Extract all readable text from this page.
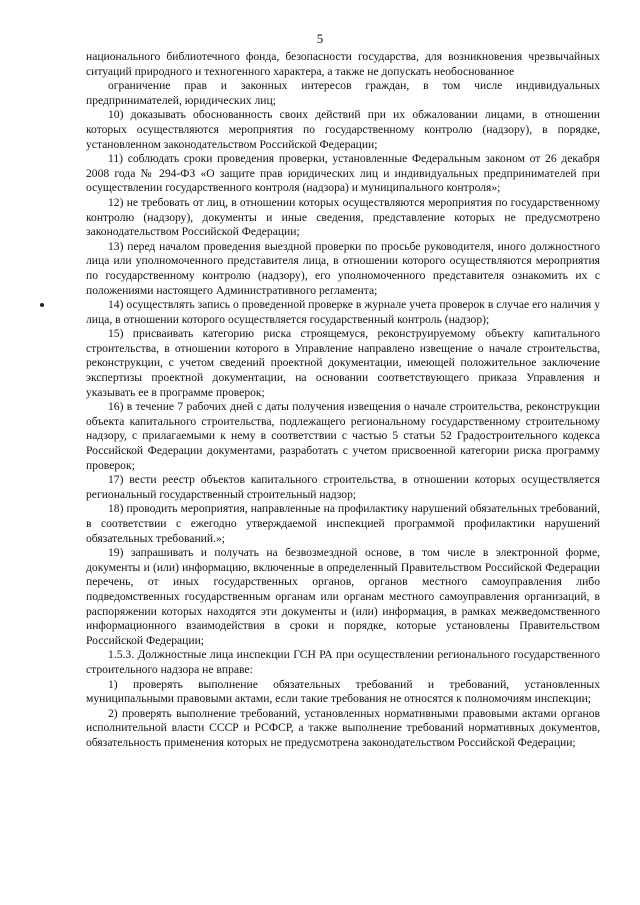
5

национального библиотечного фонда, безопасности государства, для возникновения чрезвычайных ситуаций природного и техногенного характера, а также не допускать необоснованное

ограничение прав и законных интересов граждан, в том числе индивидуальных предпринимателей, юридических лиц;

10) доказывать обоснованность своих действий при их обжаловании лицами, в отношении которых осуществляются мероприятия по государственному контролю (надзору), в порядке, установленном законодательством Российской Федерации;

11) соблюдать сроки проведения проверки, установленные Федеральным законом от 26 декабря 2008 года № 294-ФЗ «О защите прав юридических лиц и индивидуальных предпринимателей при осуществлении государственного контроля (надзора) и муниципального контроля»;

12) не требовать от лиц, в отношении которых осуществляются мероприятия по государственному контролю (надзору), документы и иные сведения, представление которых не предусмотрено законодательством Российской Федерации;

13) перед началом проведения выездной проверки по просьбе руководителя, иного должностного лица или уполномоченного представителя лица, в отношении которого осуществляются мероприятия по государственному контролю (надзору), его уполномоченного представителя ознакомить их с положениями настоящего Административного регламента;

14) осуществлять запись о проведенной проверке в журнале учета проверок в случае его наличия у лица, в отношении которого осуществляется государственный контроль (надзор);

15) присваивать категорию риска строящемуся, реконструируемому объекту капитального строительства, в отношении которого в Управление направлено извещение о начале строительства, реконструкции, с учетом сведений проектной документации, имеющей положительное заключение экспертизы проектной документации, на основании соответствующего приказа Управления и указывать ее в программе проверок;

16) в течение 7 рабочих дней с даты получения извещения о начале строительства, реконструкции объекта капитального строительства, подлежащего региональному государственному строительному надзору, с прилагаемыми к нему в соответствии с частью 5 статьи 52 Градостроительного кодекса Российской Федерации документами, разработать с учетом присвоенной категории риска программу проверок;

17) вести реестр объектов капитального строительства, в отношении которых осуществляется региональный государственный строительный надзор;

18) проводить мероприятия, направленные на профилактику нарушений обязательных требований, в соответствии с ежегодно утверждаемой инспекцией программой профилактики нарушений обязательных требований.»;

19) запрашивать и получать на безвозмездной основе, в том числе в электронной форме, документы и (или) информацию, включенные в определенный Правительством Российской Федерации перечень, от иных государственных органов, органов местного самоуправления либо подведомственных государственным органам или органам местного самоуправления организаций, в распоряжении которых находятся эти документы и (или) информация, в рамках межведомственного информационного взаимодействия в сроки и порядке, которые установлены Правительством Российской Федерации;

1.5.3. Должностные лица инспекции ГСН РА при осуществлении регионального государственного строительного надзора не вправе:

1) проверять выполнение обязательных требований и требований, установленных муниципальными правовыми актами, если такие требования не относятся к полномочиям инспекции;

2) проверять выполнение требований, установленных нормативными правовыми актами органов исполнительной власти СССР и РСФСР, а также выполнение требований нормативных документов, обязательность применения которых не предусмотрена законодательством Российской Федерации;
